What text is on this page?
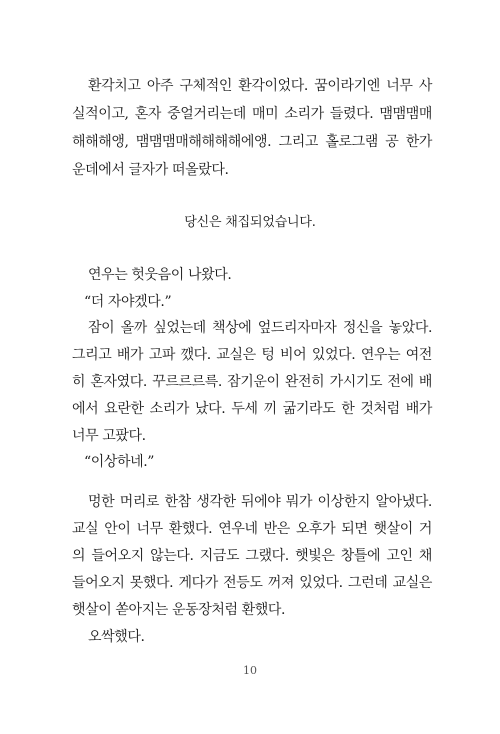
환각치고 아주 구체적인 환각이었다. 꿈이라기엔 너무 사
실적이고, 혼자 중얼거리는데 매미 소리가 들렸다. 맴맴맴매
해해해앵, 맴맴맴매해해해해에앵. 그리고 홀로그램 공 한가
운데에서 글자가 떠올랐다.
당신은 채집되었습니다.
연우는 헛웃음이 나왔다.
“더 자야겠다.”
잠이 올까 싶었는데 책상에 엎드리자마자 정신을 놓았다.
그리고 배가 고파 깼다. 교실은 텅 비어 있었다. 연우는 여전
히 혼자였다. 꾸르르르륵. 잠기운이 완전히 가시기도 전에 배
에서 요란한 소리가 났다. 두세 끼 굶기라도 한 것처럼 배가
너무 고팠다.
“이상하네.”
멍한 머리로 한참 생각한 뒤에야 뭐가 이상한지 알아냈다.
교실 안이 너무 환했다. 연우네 반은 오후가 되면 햇살이 거
의 들어오지 않는다. 지금도 그랬다. 햇빛은 창틀에 고인 채
들어오지 못했다. 게다가 전등도 꺼져 있었다. 그런데 교실은
햇살이 쏟아지는 운동장처럼 환했다.
오싹했다.
10
